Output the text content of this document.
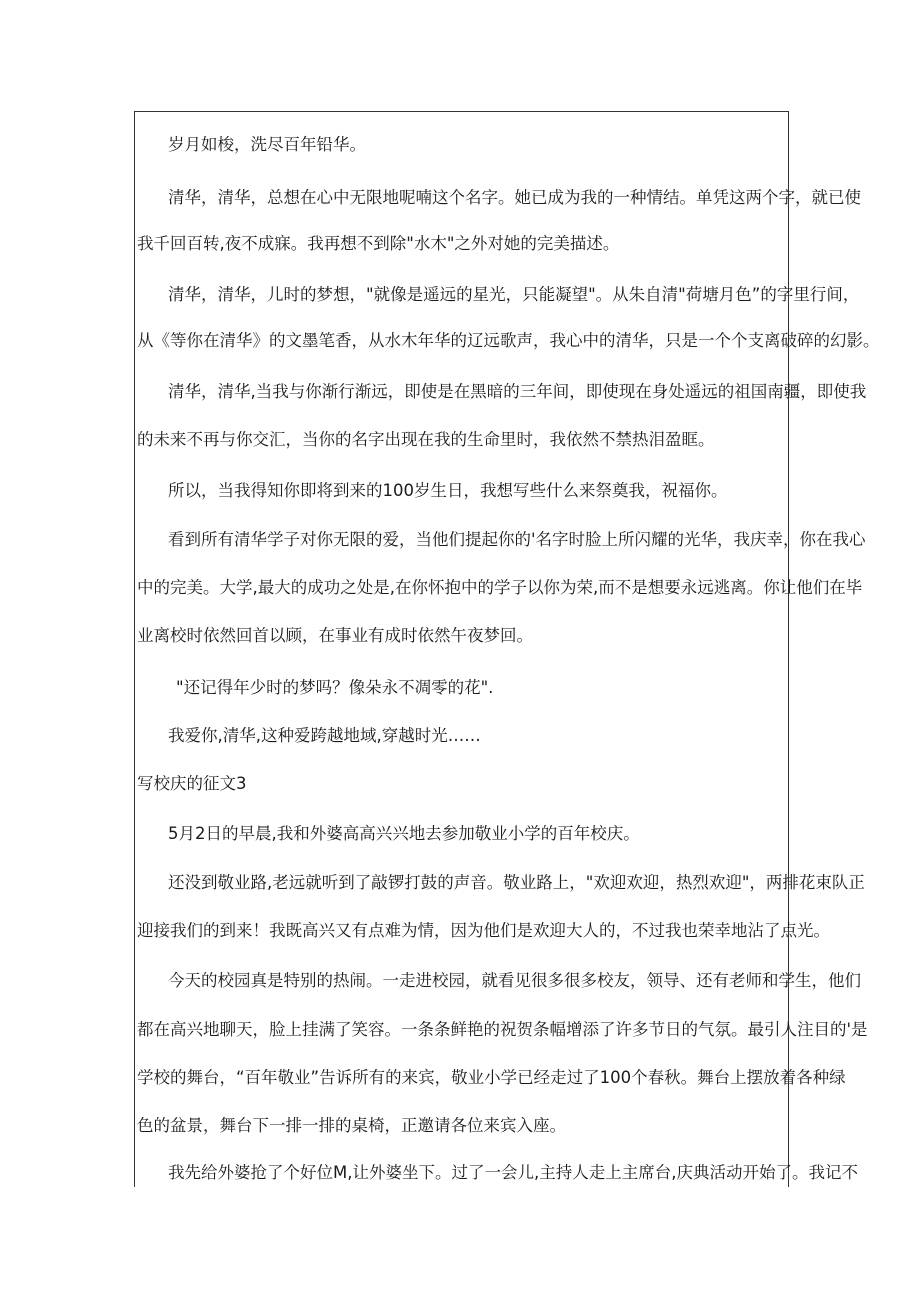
岁月如梭，洗尽百年铅华。
清华，清华，总想在心中无限地呢喃这个名字。她已成为我的一种情结。单凭这两个字，就已使
我千回百转,夜不成寐。我再想不到除"水木"之外对她的完美描述。
清华，清华，儿时的梦想，"就像是遥远的星光，只能凝望"。从朱自清"荷塘月色”的字里行间，
从《等你在清华》的文墨笔香，从水木年华的辽远歌声，我心中的清华，只是一个个支离破碎的幻影。
清华，清华,当我与你渐行渐远，即使是在黑暗的三年间，即使现在身处遥远的祖国南疆，即使我
的未来不再与你交汇，当你的名字出现在我的生命里时，我依然不禁热泪盈眶。
所以，当我得知你即将到来的100岁生日，我想写些什么来祭奠我，祝福你。
看到所有清华学子对你无限的爱，当他们提起你的'名字时脸上所闪耀的光华，我庆幸，你在我心
中的完美。大学,最大的成功之处是,在你怀抱中的学子以你为荣,而不是想要永远逃离。你让他们在毕
业离校时依然回首以顾，在事业有成时依然午夜梦回。
"还记得年少时的梦吗？像朵永不凋零的花".
我爱你,清华,这种爱跨越地域,穿越时光……
写校庆的征文3
5月2日的早晨,我和外婆高高兴兴地去参加敬业小学的百年校庆。
还没到敬业路,老远就听到了敲锣打鼓的声音。敬业路上，"欢迎欢迎，热烈欢迎"，两排花束队正
迎接我们的到来！我既高兴又有点难为情，因为他们是欢迎大人的，不过我也荣幸地沾了点光。
今天的校园真是特别的热闹。一走进校园，就看见很多很多校友，领导、还有老师和学生，他们
都在高兴地聊天，脸上挂满了笑容。一条条鲜艳的祝贺条幅增添了许多节日的气氛。最引人注目的'是
学校的舞台，“百年敬业”告诉所有的来宾，敬业小学已经走过了100个春秋。舞台上摆放着各种绿
色的盆景，舞台下一排一排的桌椅，正邀请各位来宾入座。
我先给外婆抢了个好位M,让外婆坐下。过了一会儿,主持人走上主席台,庆典活动开始了。我记不
